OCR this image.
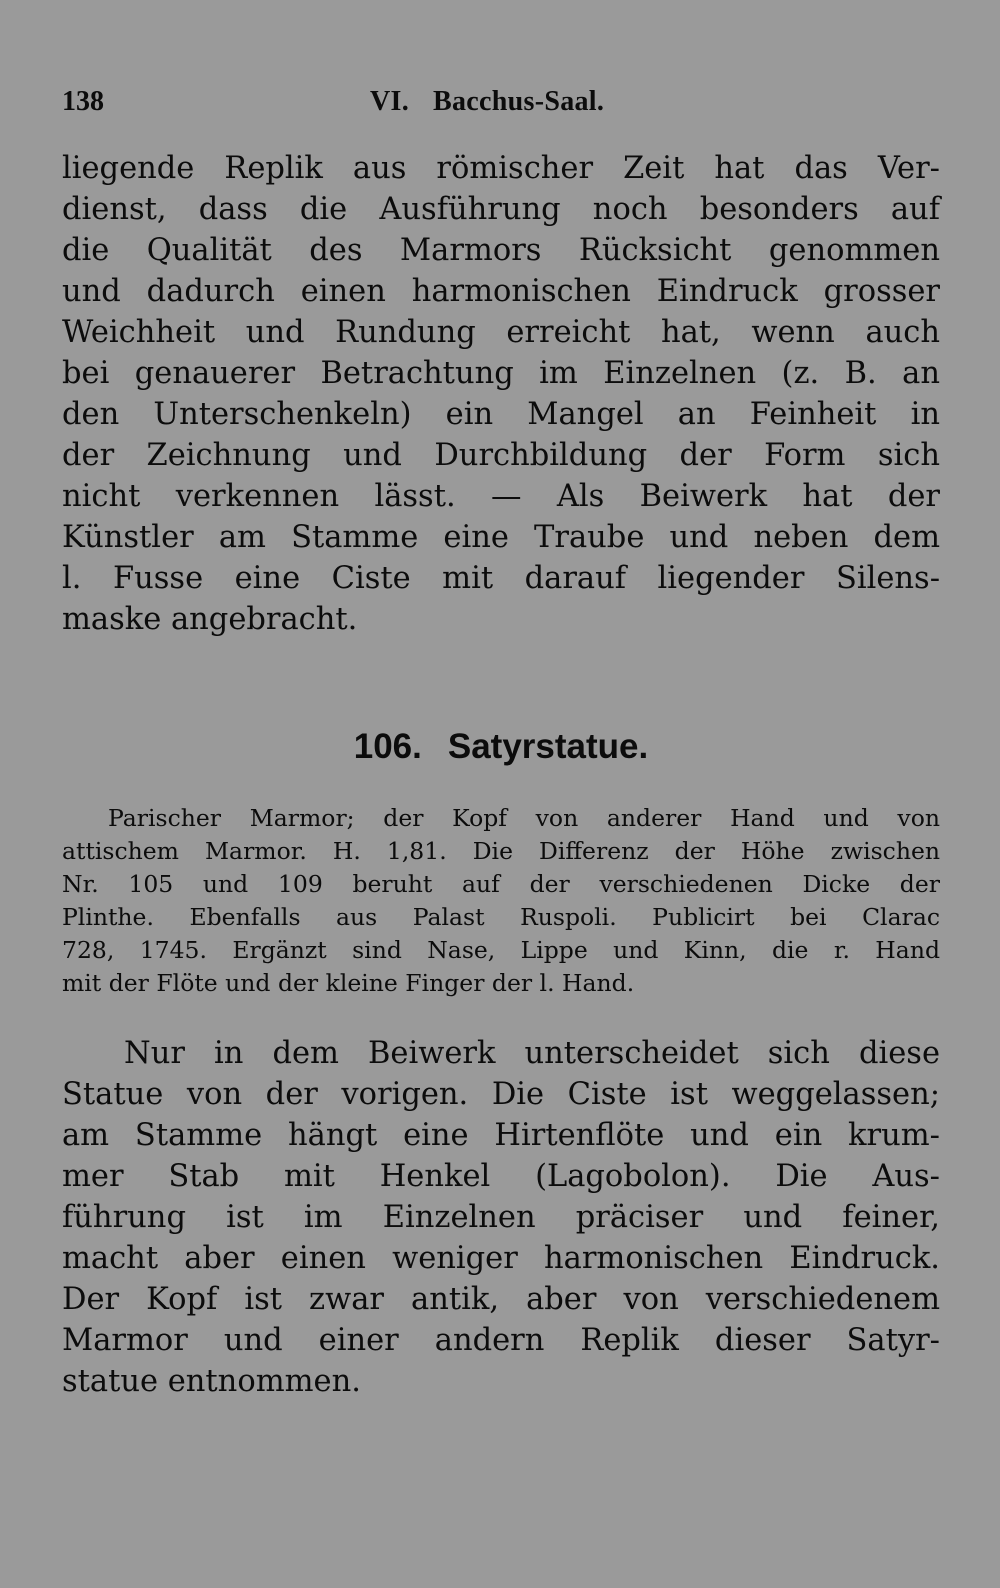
138	VI. Bacchus-Saal.
liegende Replik aus römischer Zeit hat das Ver-
dienst, dass die Ausführung noch besonders auf
die Qualität des Marmors Rücksicht genommen
und dadurch einen harmonischen Eindruck grosser
Weichheit und Rundung erreicht hat, wenn auch
bei genauerer Betrachtung im Einzelnen (z. B. an
den Unterschenkeln) ein Mangel an Feinheit in
der Zeichnung und Durchbildung der Form sich
nicht verkennen lässt. — Als Beiwerk hat der
Künstler am Stamme eine Traube und neben dem
l. Fusse eine Ciste mit darauf liegender Silens-
maske angebracht.
106. Satyrstatue.
Parischer Marmor; der Kopf von anderer Hand und von
attischem Marmor. H. 1,81. Die Differenz der Höhe zwischen
Nr. 105 und 109 beruht auf der verschiedenen Dicke der
Plinthe. Ebenfalls aus Palast Ruspoli. Publicirt bei Clarac
728, 1745. Ergänzt sind Nase, Lippe und Kinn, die r. Hand
mit der Flöte und der kleine Finger der l. Hand.
Nur in dem Beiwerk unterscheidet sich diese
Statue von der vorigen. Die Ciste ist weggelassen;
am Stamme hängt eine Hirtenflöte und ein krum-
mer Stab mit Henkel (Lagobolon). Die Aus-
führung ist im Einzelnen präciser und feiner,
macht aber einen weniger harmonischen Eindruck.
Der Kopf ist zwar antik, aber von verschiedenem
Marmor und einer andern Replik dieser Satyr-
statue entnommen.
